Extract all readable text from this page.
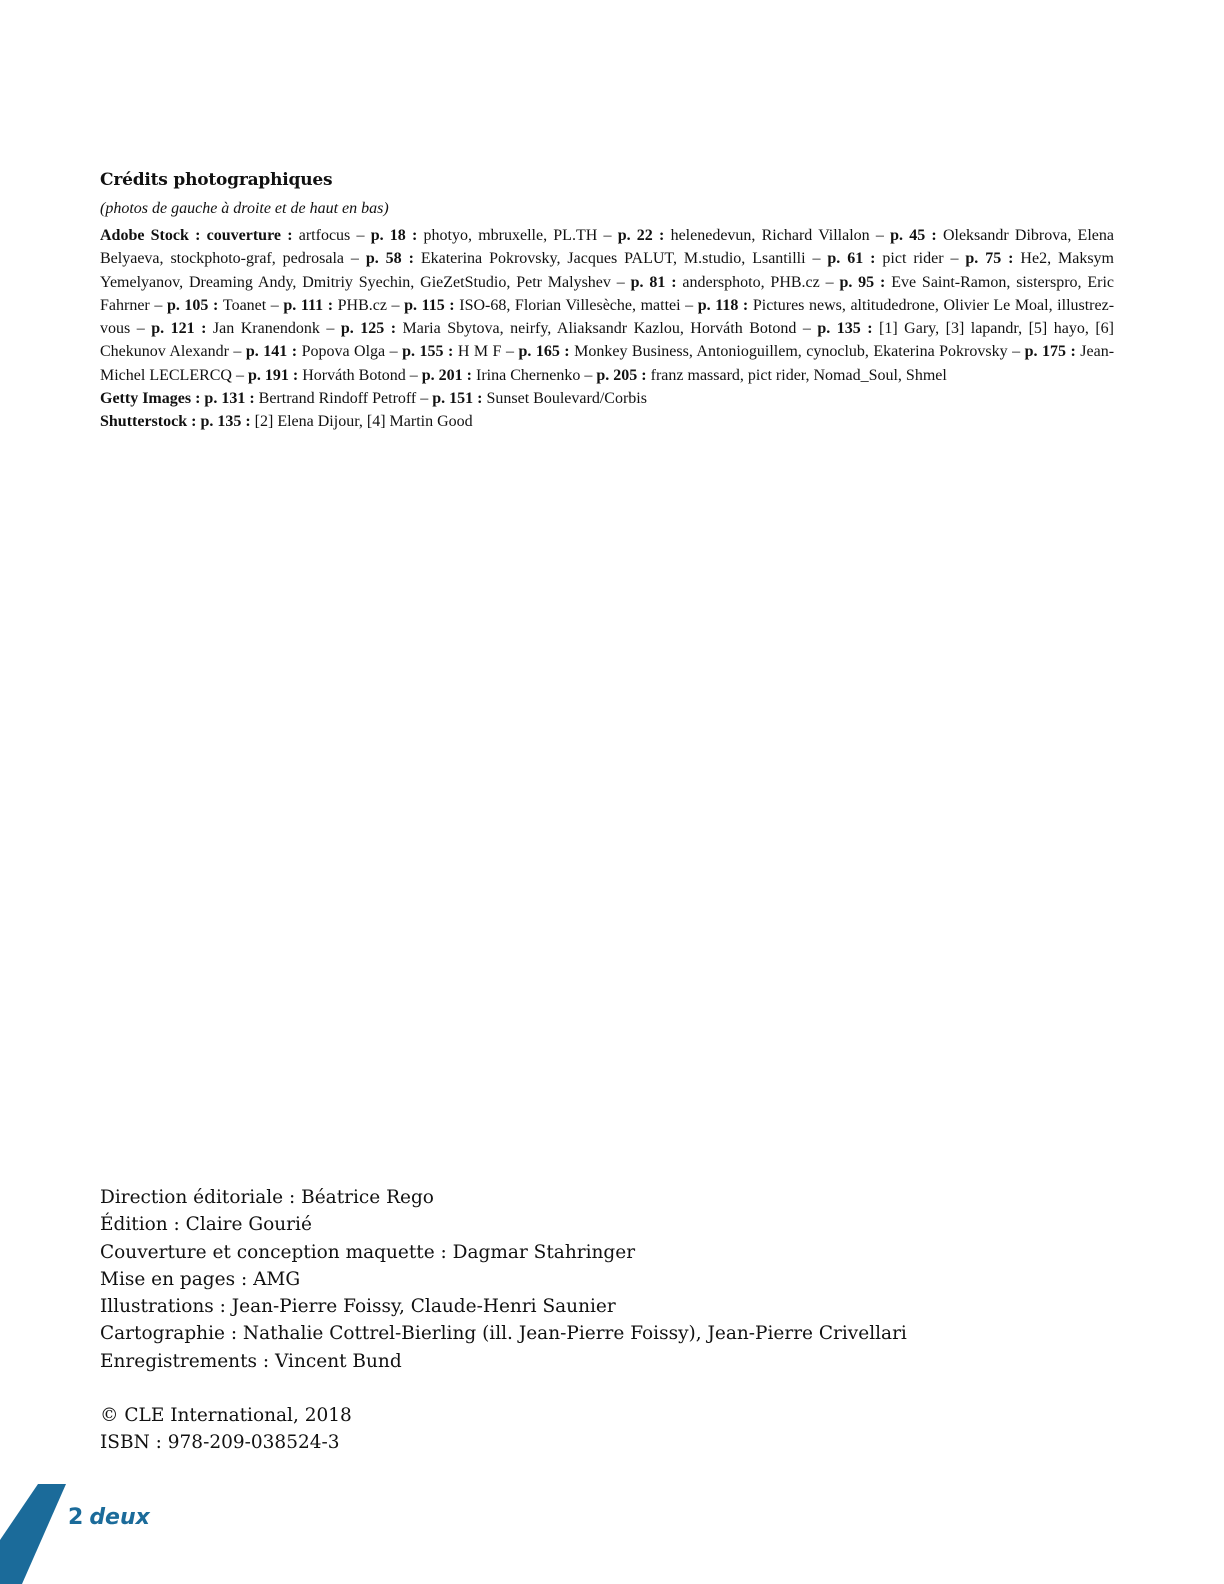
Crédits photographiques

(photos de gauche à droite et de haut en bas)

Adobe Stock : couverture : artfocus – p. 18 : photyo, mbruxelle, PL.TH – p. 22 : helenedevun, Richard Villalon – p. 45 : Oleksandr Dibrova, Elena Belyaeva, stockphoto-graf, pedrosala – p. 58 : Ekaterina Pokrovsky, Jacques PALUT, M.studio, Lsantilli – p. 61 : pict rider – p. 75 : He2, Maksym Yemelyanov, Dreaming Andy, Dmitriy Syechin, GieZetStudio, Petr Malyshev – p. 81 : andersphoto, PHB.cz – p. 95 : Eve Saint-Ramon, sisterspro, Eric Fahrner – p. 105 : Toanet – p. 111 : PHB.cz – p. 115 : ISO-68, Florian Villesèche, mattei – p. 118 : Pictures news, altitudedrone, Olivier Le Moal, illustrez-vous – p. 121 : Jan Kranendonk – p. 125 : Maria Sbytova, neirfy, Aliaksandr Kazlou, Horváth Botond – p. 135 : [1] Gary, [3] lapandr, [5] hayo, [6] Chekunov Alexandr – p. 141 : Popova Olga – p. 155 : H M F – p. 165 : Monkey Business, Antonioguillem, cynoclub, Ekaterina Pokrovsky – p. 175 : Jean-Michel LECLERCQ – p. 191 : Horváth Botond – p. 201 : Irina Chernenko – p. 205 : franz massard, pict rider, Nomad_Soul, Shmel

Getty Images : p. 131 : Bertrand Rindoff Petroff – p. 151 : Sunset Boulevard/Corbis

Shutterstock : p. 135 : [2] Elena Dijour, [4] Martin Good

Direction éditoriale : Béatrice Rego

Édition : Claire Gourié

Couverture et conception maquette : Dagmar Stahringer

Mise en pages : AMG

Illustrations : Jean-Pierre Foissy, Claude-Henri Saunier

Cartographie : Nathalie Cottrel-Bierling (ill. Jean-Pierre Foissy), Jean-Pierre Crivellari

Enregistrements : Vincent Bund

© CLE International, 2018

ISBN : 978-209-038524-3

2 deux
